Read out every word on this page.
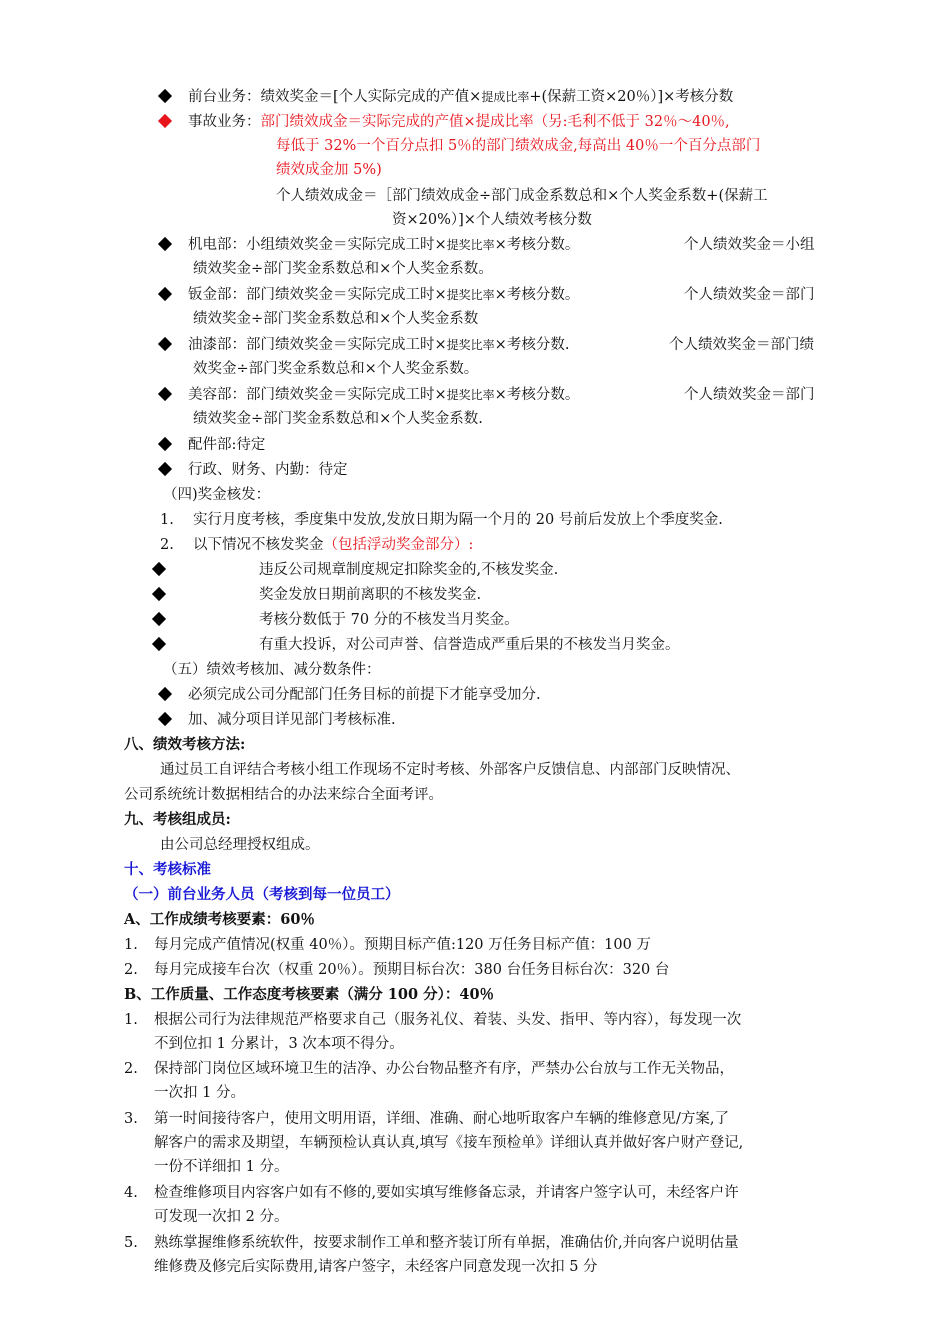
前台业务：绩效奖金＝[个人实际完成的产值×提成比率+(保薪工资×20％）]×考核分数
事故业务：部门绩效成金＝实际完成的产值×提成比率（另:毛利不低于 32％～40％,
每低于 32%一个百分点扣 5％的部门绩效成金,每高出 40％一个百分点部门
绩效成金加 5%)
个人绩效成金＝［部门绩效成金÷部门成金系数总和×个人奖金系数+(保薪工
资×20%）]×个人绩效考核分数
机电部：小组绩效奖金＝实际完成工时×提奖比率×考核分数。	个人绩效奖金＝小组
绩效奖金÷部门奖金系数总和×个人奖金系数。
钣金部：部门绩效奖金＝实际完成工时×提奖比率×考核分数。	个人绩效奖金＝部门
绩效奖金÷部门奖金系数总和×个人奖金系数
油漆部：部门绩效奖金＝实际完成工时×提奖比率×考核分数.	个人绩效奖金＝部门绩
效奖金÷部门奖金系数总和×个人奖金系数。
美容部：部门绩效奖金＝实际完成工时×提奖比率×考核分数。	个人绩效奖金＝部门
绩效奖金÷部门奖金系数总和×个人奖金系数.
配件部:待定
行政、财务、内勤：待定
（四)奖金核发：
1. 实行月度考核，季度集中发放,发放日期为隔一个月的 20 号前后发放上个季度奖金.
2. 以下情况不核发奖金（包括浮动奖金部分）:
违反公司规章制度规定扣除奖金的,不核发奖金.
奖金发放日期前离职的不核发奖金.
考核分数低于 70 分的不核发当月奖金。
有重大投诉，对公司声誉、信誉造成严重后果的不核发当月奖金。
（五）绩效考核加、减分数条件：
必须完成公司分配部门任务目标的前提下才能享受加分.
加、减分项目详见部门考核标准.
八、绩效考核方法:
通过员工自评结合考核小组工作现场不定时考核、外部客户反馈信息、内部部门反映情况、
公司系统统计数据相结合的办法来综合全面考评。
九、考核组成员:
由公司总经理授权组成。
十、考核标准
（一）前台业务人员（考核到每一位员工）
A、工作成绩考核要素：60％
1. 每月完成产值情况(权重 40％）。预期目标产值:120 万任务目标产值：100 万
2. 每月完成接车台次（权重 20％）。预期目标台次：380 台任务目标台次：320 台
B、工作质量、工作态度考核要素（满分 100 分）：40％
1. 根据公司行为法律规范严格要求自己（服务礼仪、着装、头发、指甲、等内容），每发现一次
不到位扣 1 分累计，3 次本项不得分。
2. 保持部门岗位区域环境卫生的洁净、办公台物品整齐有序，严禁办公台放与工作无关物品，
一次扣 1 分。
3. 第一时间接待客户，使用文明用语，详细、准确、耐心地听取客户车辆的维修意见/方案,了
解客户的需求及期望，车辆预检认真认真,填写《接车预检单》详细认真并做好客户财产登记,
一份不详细扣 1 分。
4. 检查维修项目内容客户如有不修的,要如实填写维修备忘录，并请客户签字认可，未经客户许
可发现一次扣 2 分。
5. 熟练掌握维修系统软件，按要求制作工单和整齐装订所有单据，准确估价,并向客户说明估量
维修费及修完后实际费用,请客户签字，未经客户同意发现一次扣 5 分
